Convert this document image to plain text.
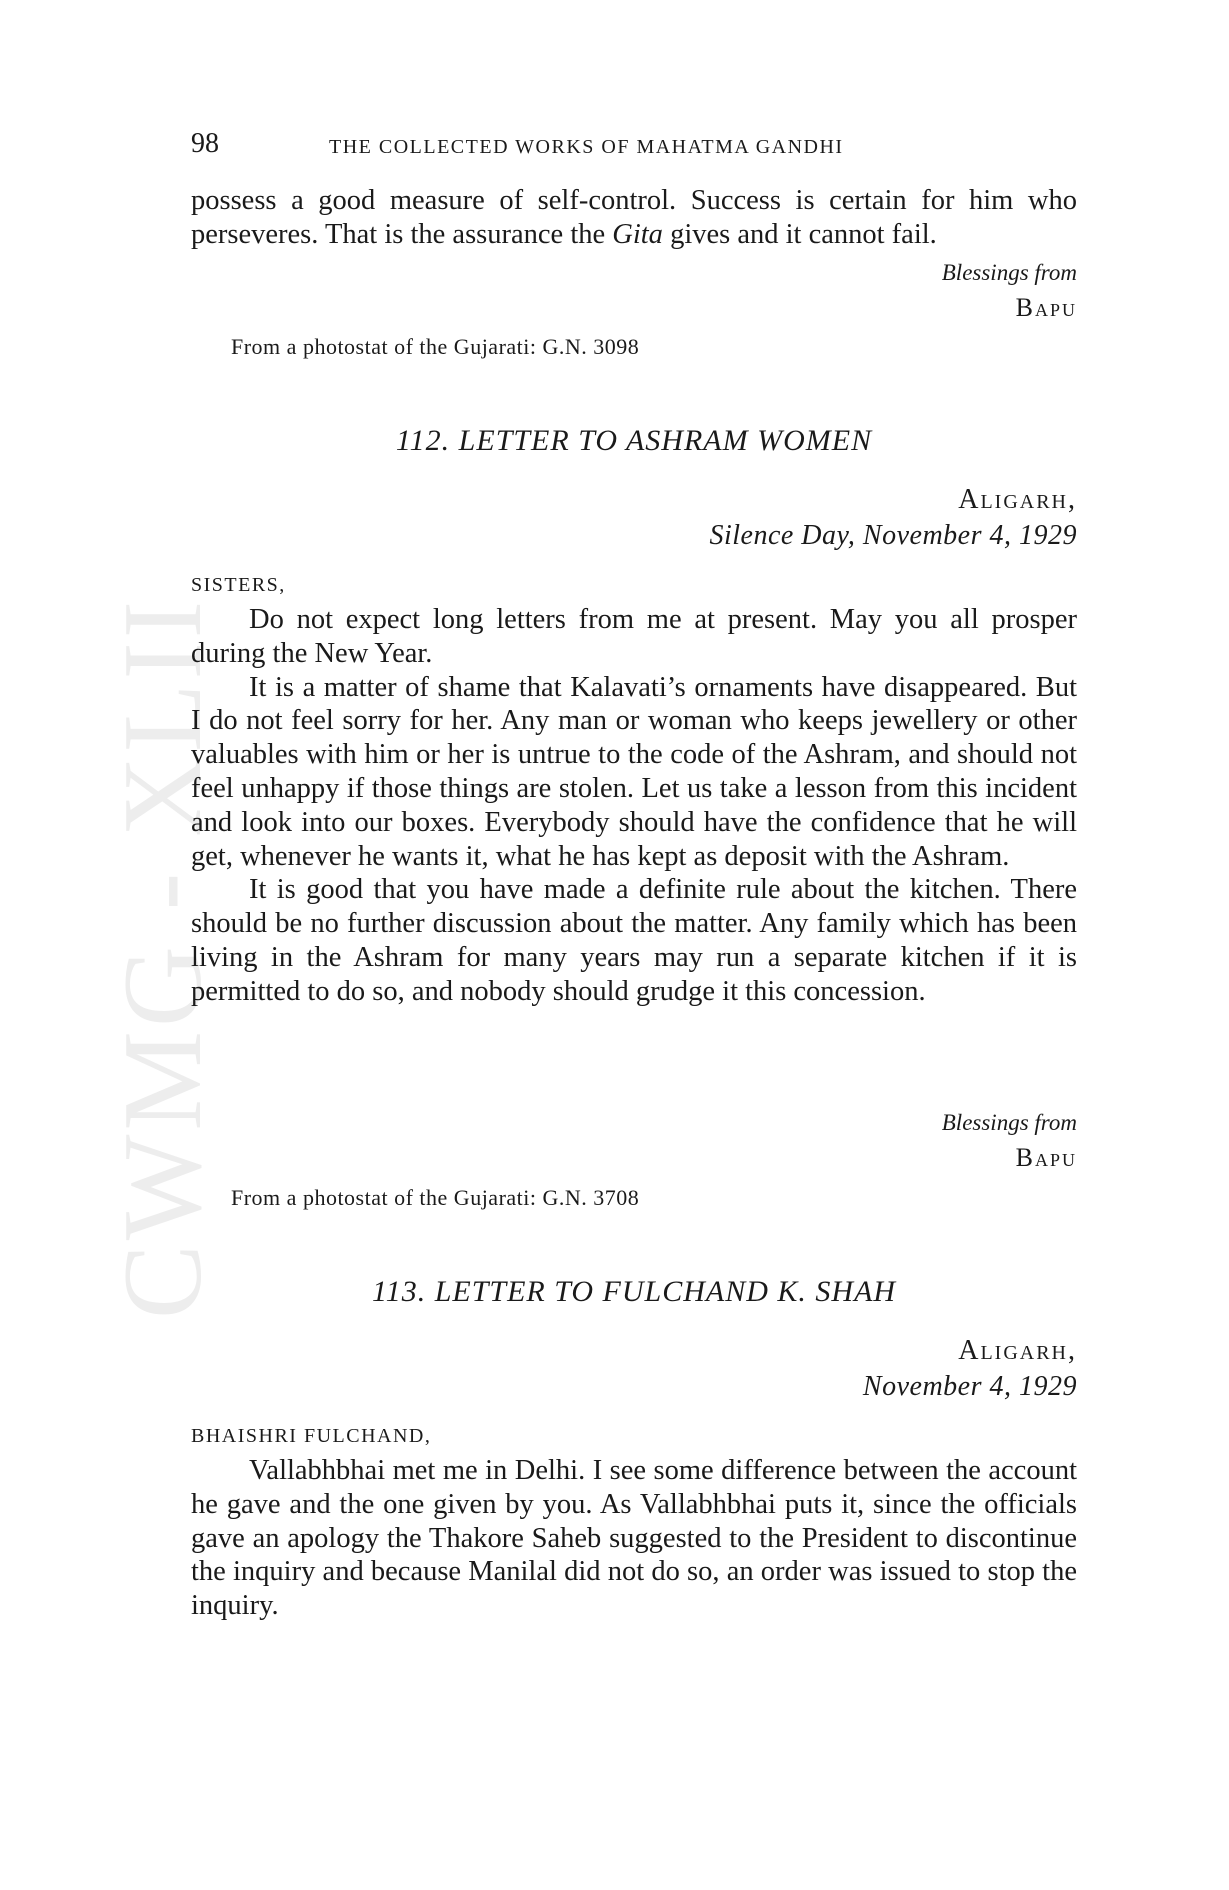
CWMG - XLII
98	THE COLLECTED WORKS OF MAHATMA GANDHI

possess a good measure of self-control. Success is certain for him who perseveres. That is the assurance the Gita gives and it cannot fail.

Blessings from
Bapu
From a photostat of the Gujarati: G.N. 3098
112. LETTER TO ASHRAM WOMEN
Aligarh,
Silence Day, November 4, 1929
SISTERS,

Do not expect long letters from me at present. May you all prosper during the New Year.

It is a matter of shame that Kalavati’s ornaments have disappeared. But I do not feel sorry for her. Any man or woman who keeps jewellery or other valuables with him or her is untrue to the code of the Ashram, and should not feel unhappy if those things are stolen. Let us take a lesson from this incident and look into our boxes. Everybody should have the confidence that he will get, whenever he wants it, what he has kept as deposit with the Ashram.

It is good that you have made a definite rule about the kitchen. There should be no further discussion about the matter. Any family which has been living in the Ashram for many years may run a separate kitchen if it is permitted to do so, and nobody should grudge it this concession.

Blessings from
Bapu
From a photostat of the Gujarati: G.N. 3708
113. LETTER TO FULCHAND K. SHAH
Aligarh,
November 4, 1929
BHAISHRI FULCHAND,

Vallabhbhai met me in Delhi. I see some difference between the account he gave and the one given by you. As Vallabhbhai puts it, since the officials gave an apology the Thakore Saheb suggested to the President to discontinue the inquiry and because Manilal did not do so, an order was issued to stop the inquiry.
